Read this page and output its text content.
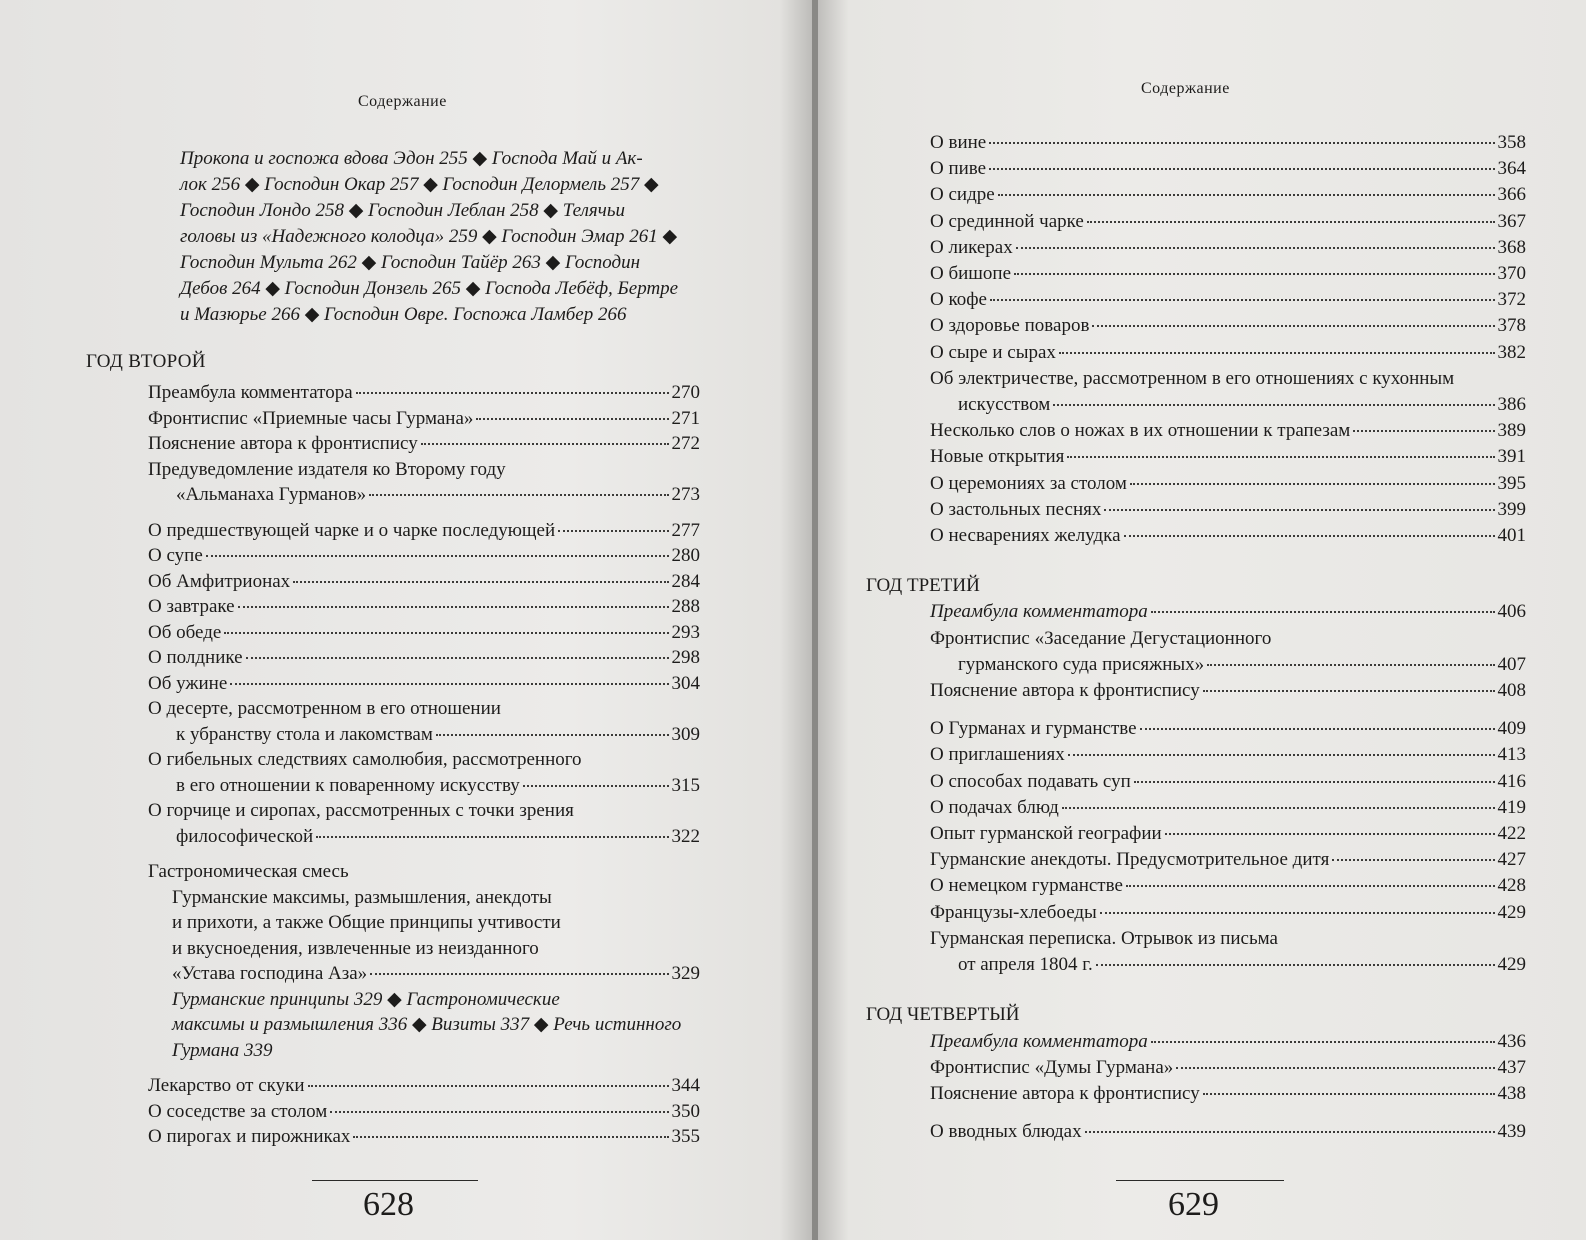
Содержание
Прокопа и госпожа вдова Эдон 255 ◆ Господа Май и Ак-
лок 256 ◆ Господин Окар 257 ◆ Господин Делормель 257 ◆
Господин Лондо 258 ◆ Господин Леблан 258 ◆ Телячьи
головы из «Надежного колодца» 259 ◆ Господин Эмар 261 ◆
Господин Мульта 262 ◆ Господин Тайёр 263 ◆ Господин
Дебов 264 ◆ Господин Донзель 265 ◆ Господа Лебёф, Бертре
и Мазюрье 266 ◆ Господин Овре. Госпожа Ламбер 266
ГОД ВТОРОЙ
Преамбула комментатора	270
Фронтиспис «Приемные часы Гурмана»	271
Пояснение автора к фронтиспису	272
Предуведомление издателя ко Второму году
«Альманаха Гурманов»	273
О предшествующей чарке и о чарке последующей	277
О супе	280
Об Амфитрионах	284
О завтраке	288
Об обеде	293
О полднике	298
Об ужине	304
О десерте, рассмотренном в его отношении
к убранству стола и лакомствам	309
О гибельных следствиях самолюбия, рассмотренного
в его отношении к поваренному искусству	315
О горчице и сиропах, рассмотренных с точки зрения
философической	322
Гастрономическая смесь
Гурманские максимы, размышления, анекдоты
и прихоти, а также Общие принципы учтивости
и вкусноедения, извлеченные из неизданного
«Устава господина Аза»	329
Гурманские принципы 329 ◆ Гастрономические
максимы и размышления 336 ◆ Визиты 337 ◆ Речь истинного
Гурмана 339
Лекарство от скуки	344
О соседстве за столом	350
О пирогах и пирожниках	355
628
Содержание
О вине	358
О пиве	364
О сидре	366
О срединной чарке	367
О ликерах	368
О бишопе	370
О кофе	372
О здоровье поваров	378
О сыре и сырах	382
Об электричестве, рассмотренном в его отношениях с кухонным
искусством	386
Несколько слов о ножах в их отношении к трапезам	389
Новые открытия	391
О церемониях за столом	395
О застольных песнях	399
О несварениях желудка	401
ГОД ТРЕТИЙ
Преамбула комментатора	406
Фронтиспис «Заседание Дегустационного
гурманского суда присяжных»	407
Пояснение автора к фронтиспису	408
О Гурманах и гурманстве	409
О приглашениях	413
О способах подавать суп	416
О подачах блюд	419
Опыт гурманской географии	422
Гурманские анекдоты. Предусмотрительное дитя	427
О немецком гурманстве	428
Французы-хлебоеды	429
Гурманская переписка. Отрывок из письма
от апреля 1804 г.	429
ГОД ЧЕТВЕРТЫЙ
Преамбула комментатора	436
Фронтиспис «Думы Гурмана»	437
Пояснение автора к фронтиспису	438
О вводных блюдах	439
629
